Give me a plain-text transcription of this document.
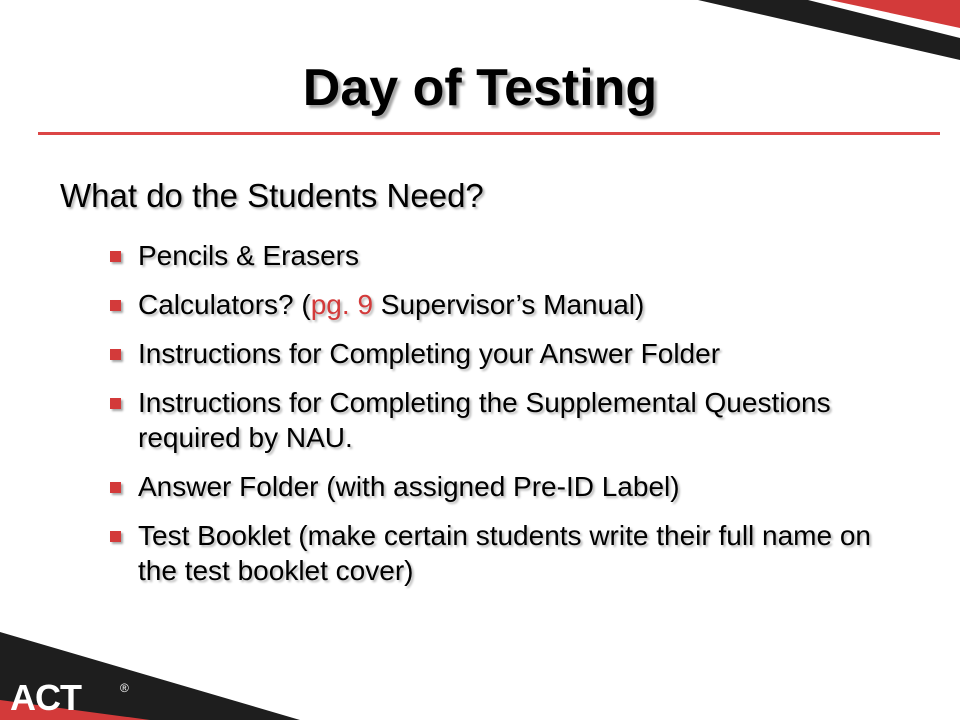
Day of Testing
What do the Students Need?
Pencils & Erasers
Calculators? (pg. 9 Supervisor’s Manual)
Instructions for Completing your Answer Folder
Instructions for Completing the Supplemental Questions required by NAU.
Answer Folder (with assigned Pre-ID Label)
Test Booklet (make certain students write their full name on the test booklet cover)
ACT	®
